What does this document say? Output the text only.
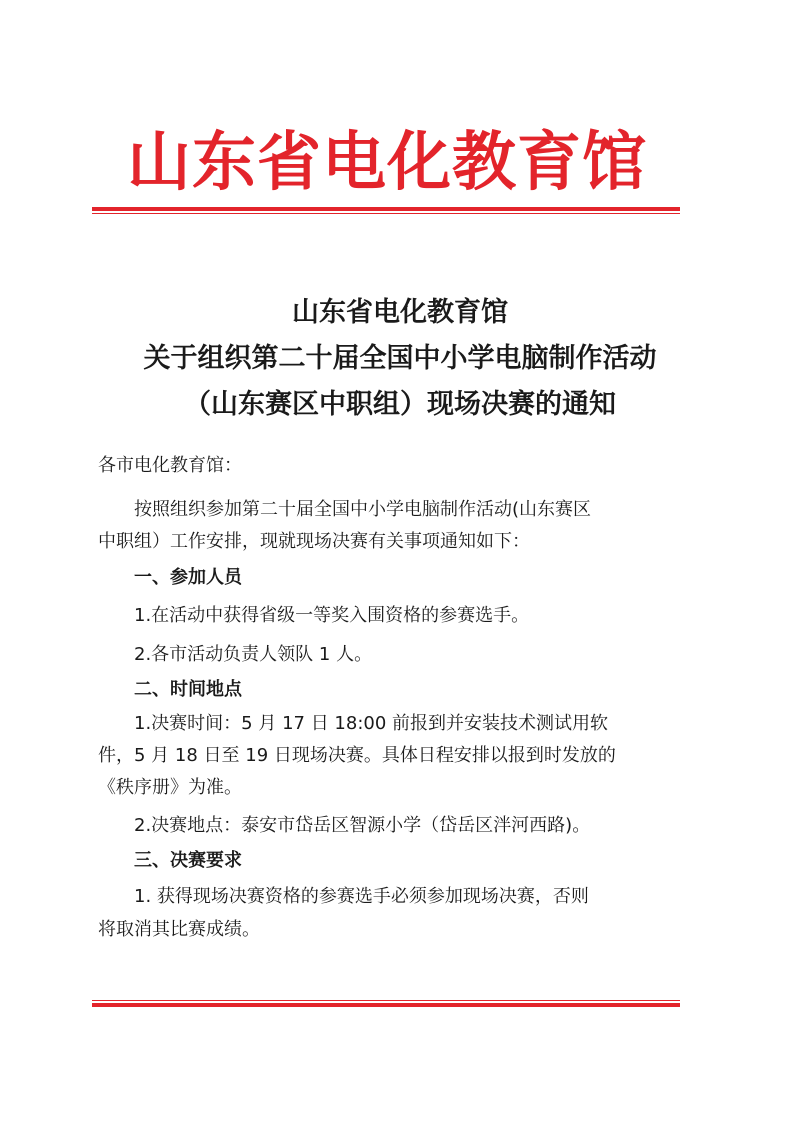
山东省电化教育馆
山东省电化教育馆
关于组织第二十届全国中小学电脑制作活动
（山东赛区中职组）现场决赛的通知
各市电化教育馆：
按照组织参加第二十届全国中小学电脑制作活动(山东赛区
中职组）工作安排，现就现场决赛有关事项通知如下：
一、参加人员
1.在活动中获得省级一等奖入围资格的参赛选手。
2.各市活动负责人领队 1 人。
二、时间地点
1.决赛时间：5 月 17 日 18:00 前报到并安装技术测试用软
件，5 月 18 日至 19 日现场决赛。具体日程安排以报到时发放的
《秩序册》为准。
2.决赛地点：泰安市岱岳区智源小学（岱岳区泮河西路)。
三、决赛要求
1. 获得现场决赛资格的参赛选手必须参加现场决赛，否则
将取消其比赛成绩。
